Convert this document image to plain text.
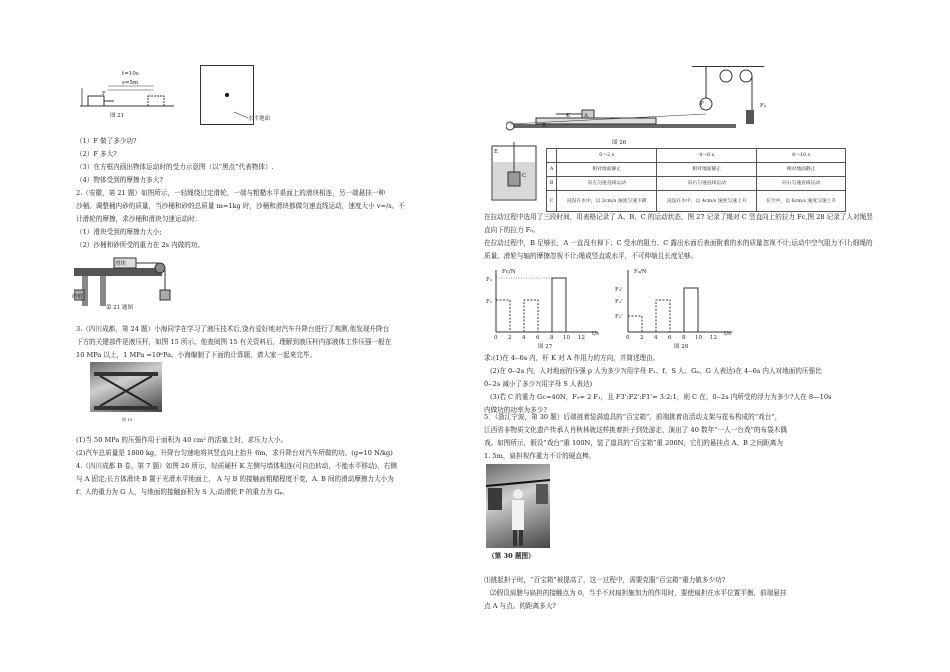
t=10s
s=5m
F
图 21	水平地面

（1）F 做了多少功?

（2）F 多大?

（3）在方框内画出物体运动时的受力示意图（以“黑点”代表物体）.

（4）物体受到的摩擦力多大?

2.（安徽，第 21 题）如图所示，一轻绳绕过定滑轮，一端与粗糙水平桌面上的滑块相连，另一端悬挂一种

沙桶。调整桶内砂的质量，当沙桶和砂的总质量 m=1kg 时，沙桶和滑块都做匀速直线运动，速度大小 v=/s。不

计滑轮的摩擦，求沙桶和滑块匀速运动时：

（1）滑块受到的摩擦力大小;

（2）沙桶和砂所受的重力在 2s 内做的功。

滑块
砂桶
第 21 题图

3.（四川成都，第 24 题）小海同学在学习了液压技术后,饶有爱好地对汽车升降台进行了观测.他发现升降台

下方的关键部件是液压杆，如图 15 所示。他查阅图 15 有关资料后，理解到液压杆内部液体工作压强一般在

10 MPa 以上，1 MPa =10⁶Pa。小海编制了下面的计算题，请大家一起来完毕。

图 15

(1)当 50 MPa 的压强作用于面积为 40 cm² 的活塞上时，求压力大小。

(2)汽车总质量是 1800 kg，升降台匀速地将其竖直向上抬升 6m，求升降台对汽车所做的功。(g=10 N/kg)

4.（四川成都 B 卷，第 7 题）如图 26 所示，轻质硬杆 K 左侧与墙体相连(可自由转动，不能水平移动)，右侧

与 A 固定;长方体滑块 B 置于光滑水平地面上， A 与 B 的接触面粗糙程度不变，A. B 间的滑动摩擦力大小为

f；人的重力为 G 人，与地面的接触面积为 S 人;动滑轮 P 的重力为 Gₚ。

K	A
B
P	F₀
图 26
E
C
	0～2 s	4～6 s	8～10 s
A	相对地面静止	相对地面静止	相对地面静止
B	向左匀速直线运动	向右匀速直线运动	向右匀速直线运动
C	浸没在水中，以 2cm/s 速度匀速下降	浸没在水中，以 4cm/s 速度匀速上升	在空中，以 6cm/s 速度匀速上升

在拉动过程中选用了三段时间，用表格记录了 A、B、C 的运动状态，图 27 记录了绳对 C 竖直向上的拉力 Fc,图 28 记录了人对绳竖直向下的拉力 F₀。

在拉动过程中，B 足够长，A 一直没有掉下；C 受水的阻力、C 露出水面后表面附着的水的质量忽视不计;运动中空气阻力不计;细绳的质量、滑轮与轴的摩擦忽视不计;绳或竖直或水平，不可伸缩且长度足够。

Fc/N
F₂
F₁
0 2 4 6 8 10 12
t/s
图 27
F₀/N
F₃'
F₂'
F₁'
0 2 4 6 8 10 12
t/s
图 28

求:(1)在 4--6s 内，杆 K 对 A 作用力的方向，并简述理由。

(2)在 0--2s 内，人对地面的压强 p 人为多少?(用字母 F₁、f、S 人、Gₚ、G 人表达)在 4--6s 内人对地面的压强比

0--2s 减小了多少?(用字母 S 人表达)

(3)若 C 的重力 Gc=40N，F₃= 2 F₁，且 F3':F2':F1'= 3:2:1，则 C 在，0--2s 内所受的浮力为多少?人在 8—10s

内做功的功率为多少?

5．（浙江宁波，第 30 题）后端挑着装满道具的“百宝箱”，前端挑着由活动支架与花布构成的“戏台”，

江西省非物质文化遗产传承人肖秋林就这样挑着担子到处游走，演出了 40 数年“一人一台戏”的布袋木偶

戏。如图所示，假设“戏台”重 100N，装了道具的“百宝箱”重 200N，它们的悬挂点 A、B 之间距离为

1. 5m，扁担视作重力不计的硬直棒。

（第 30 题图）

⑴挑起担子时，“百宝箱”被提高了，这一过程中，需要克服“百宝箱”重力做多少功?

⑵假设肩膀与扁担的接触点为 0，当手不对扁担施加力的作用时，要使扁担在水平位置平衡，前端悬挂

点 A 与点。的距离多大?
